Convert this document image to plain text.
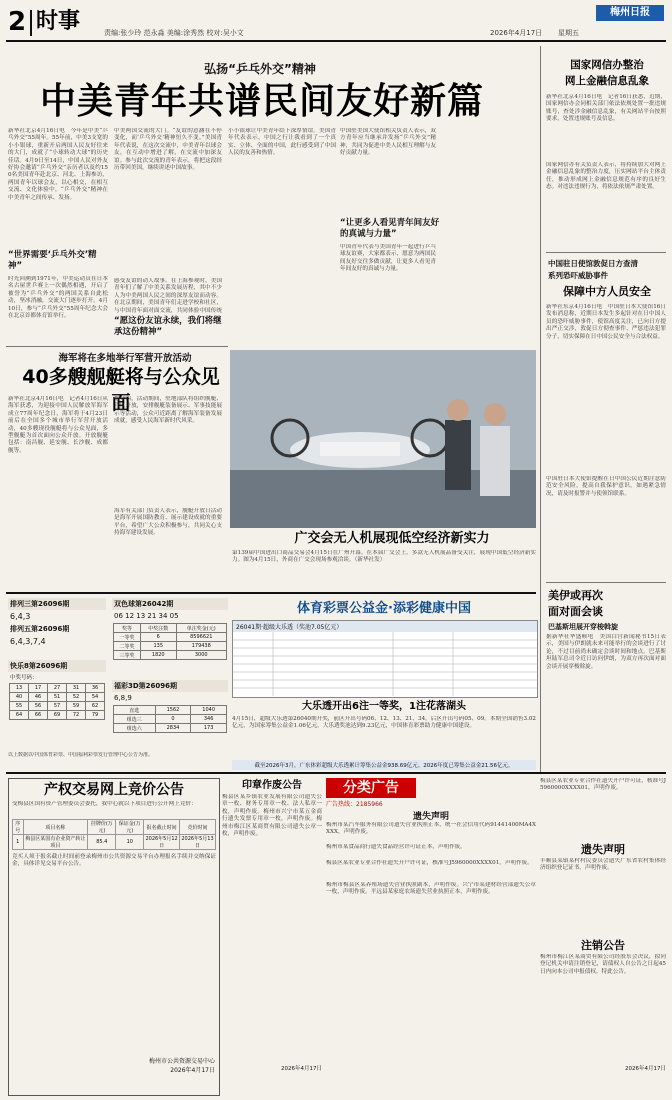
2 时事	责编:张少玲 范永淼 美编:涂秀然 校对:吴小文	2026年4月17日 星期五
梅州日报
弘扬“乒乓外交”精神
中美青年共谱民间友好新篇
新华社北京4月16日电　今年是中美“乒乓外交”55周年。55年前，中美3支宽的小小银球，重新开启两国人民友好往来的大门，成就了“小球转动大球”的历史佳话。4月9日至14日，中国人民对外友好协会邀请“乒乓外交”亲历者以及约150名美国青年赴北京、河北、上海参访，两国青年以球会友，以心相交，在相互交流、文化体验中，“乒乓外交”精神在中美青年之间传承、发扬。
“世界需要‘乒乓外交’精神”
时光回溯到1971年，中美运动员在日本名古屋世乒赛上一次偶然相遇，开启了被誉为“乒乓外交”的两国关系自此松动，坚冰消融，交流大门逐步打开。4月10日，参与“乒乓外交”55周年纪念大会在北京首都体育馆举行。
中美两国交流的大门。“友谊的意涵在不停变化，而‘乒乓外交’精神恒久不变。”美国青年代表说，在这次交流中，中美青年以球会友，在互动中增进了解，在交流中加深友谊。参与此次交流的青年表示，将把这段经历带回美国，继续讲述中国故事。
感受友谊的动人故事。在上海参观时，美国青年们了解了中美关系发展历程，其中不少人为中美两国人民之间的深厚友谊而动容。在北京期间，美国青年们走进学校和社区，与中国青年面对面交流，共同体验中国传统
“愿这份友谊永续，我们将继承这份精神”
小小银球让中美青年结下深厚情谊。美国青年代表表示，中国之行让我看到了一个真实、立体、全面的中国，此行感受到了中国人民的友善和热情。
“让更多人看见青年间友好的真诚与力量”
中国驻美国大使馆相关负责人表示，双方青年应当继承并发扬“乒乓外交”精神，共同为促进中美人民相互理解与友好贡献力量。
中国青年代表与美国青年一起进行乒乓球友谊赛，大家都表示，愿意为两国民间友好交往多做贡献，让更多人看见青年间友好的真诚与力量。
广交会无人机展现低空经济新实力
第139届中国进出口商品交易会4月15日在广州开幕。在本届广交会上，多款无人机展品备受关注，展现中国低空经济新实力。图为4月15日，外商在广交会现场参观洽谈。（新华社发）
海军将在多地举行军营开放活动
40多艘舰艇将与公众见面
新华社北京4月16日电　记者4月16日从海军获悉，为迎接中国人民解放军海军成立77周年纪念日，海军将于4月23日前后在全国多个城市举行军营开放活动，40多艘现役舰艇将与公众见面，多型舰艇为首次面向公众开放。开放舰艇包括：南昌舰、延安舰、长沙舰、成都舰等。
据介绍，活动期间，驻地部队将组织舰艇、营区开放，安排舰艇装备展示、军事技能展示等活动，公众可近距离了解海军装备发展成就，感受人民海军新时代风采。
海军有关部门负责人表示，舰艇开放日活动是海军开展国防教育、展示建设成就的重要平台，希望广大公众积极参与，共同关心支持海军建设发展。
排列三第26096期
6,4,3
排列五第26096期
6,4,3,7,4
快乐8第26096期
中奖号码：
13	17	27	31	36
40	46	51	52	54
55	56	57	59	62
64	66	69	72	79
双色球第26042期
06 12 13 21 34 05
奖等	中奖注数	单注奖金(元)
一等奖	6	8596621
二等奖	135	179438
三等奖	1820	3000
福彩3D第26096期
6,8,9
直选	1562	1040
组选三	0	346
组选六	2834	173
以上数据以中国体育彩票、中国福利彩票发行管理中心公告为准。
体育彩票公益金·添彩健康中国
26041期·超级大乐透（奖池7.05亿元）
大乐透开出6注一等奖，1注花落湖头
4月15日，超级大乐透第26040期开奖，前区开出号码06、12、13、21、34，后区开出号码05、09。本期全国销售3.02亿元，为国家筹集公益金1.06亿元。大乐透奖池达到9.23亿元，中国体育彩票助力健康中国建设。
截至2026年3月，广东体彩超级大乐透累计筹集公益金938.69亿元。2026年度已筹集公益金21.56亿元。
产权交易网上竞价公告
受梅县区国有资产管理委员会委托，我中心就以下项目进行公开网上竞价：
序号	项目名称	挂牌价(万元)	保证金(万元)	报名截止时间	竞价时间
1	梅县区某国有企业资产转让项目	85.4	10	2026年5月12日	2026年5月13日
竞买人须于报名截止时间前登录梅州市公共资源交易平台办理报名手续并交纳保证金，具体详见交易平台公告。
梅州市公共资源交易中心
2026年4月17日
印章作废公告
梅县区某乡镇农业发展有限公司遗失公章一枚、财务专用章一枚、法人私章一枚，声明作废。梅州市兴宁市某五金商行遗失发票专用章一枚，声明作废。梅州市梅江区某商贸有限公司遗失公章一枚，声明作废。
2026年4月17日
分类广告
广告热线：2185966
遗失声明
梅州市某汽车服务有限公司遗失营业执照正本，统一社会信用代码91441400MA4XXXX，声明作废。
梅州市某食品商行遗失食品经营许可证正本，声明作废。
梅县区某农业专业合作社遗失开户许可证，核准号J5960000XXXX01，声明作废。
梅州市梅县区某养殖场遗失营业执照副本，声明作废。兴宁市某建材经营部遗失公章一枚，声明作废。平远县某家庭农场遗失营业执照正本，声明作废。
国家网信办整治
网上金融信息乱象
新华社北京4月16日电　记者16日获悉，近期，国家网信办会同相关部门依法依规处置一批违规账号，查处涉金融信息乱象，有关网站平台按照要求，处置违规账号及信息。
国家网信办有关负责人表示，将持续加大对网上金融信息乱象的整治力度，压实网站平台主体责任，推动形成网上金融信息规范有序的良好生态。对违法违规行为，将依法依规严肃处置。
中国驻日使馆敦促日方查清
系列恐吓威胁事件
保障中方人员安全
新华社东京4月16日电　中国驻日本大使馆16日发布消息称，近期日本发生多起针对在日中国人员的恐吓威胁事件，使馆高度关注，已向日方提出严正交涉，敦促日方彻查事件、严惩违法犯罪分子，切实保障在日中国公民安全与合法权益。
中国驻日本大使馆提醒在日中国公民近期注意防范安全风险，提高自我保护意识。如遇紧急情况，请及时报警并与使领馆联系。
美伊或再次
面对面会谈
巴基斯坦展开穿梭斡旋
据新华社华盛顿电　美国白宫新闻秘书15日表示，美国与伊朗就未来可能举行的会谈进行了讨论，不过目前尚未确定会谈时间和地点。巴基斯坦陆军总司令近日访问伊朗，为双方再次面对面会谈开展穿梭斡旋。
梅县区某农业专业合作社遗失开户许可证，核准号J5960000XXXX01，声明作废。
遗失声明
丰顺县某镇某村村民委员会遗失广东省农村集体经济组织登记证书，声明作废。
注销公告
梅州市梅江区某商贸有限公司经股东会决议，拟向登记机关申请注销登记，请债权人自公告之日起45日内向本公司申报债权。特此公告。
2026年4月17日
